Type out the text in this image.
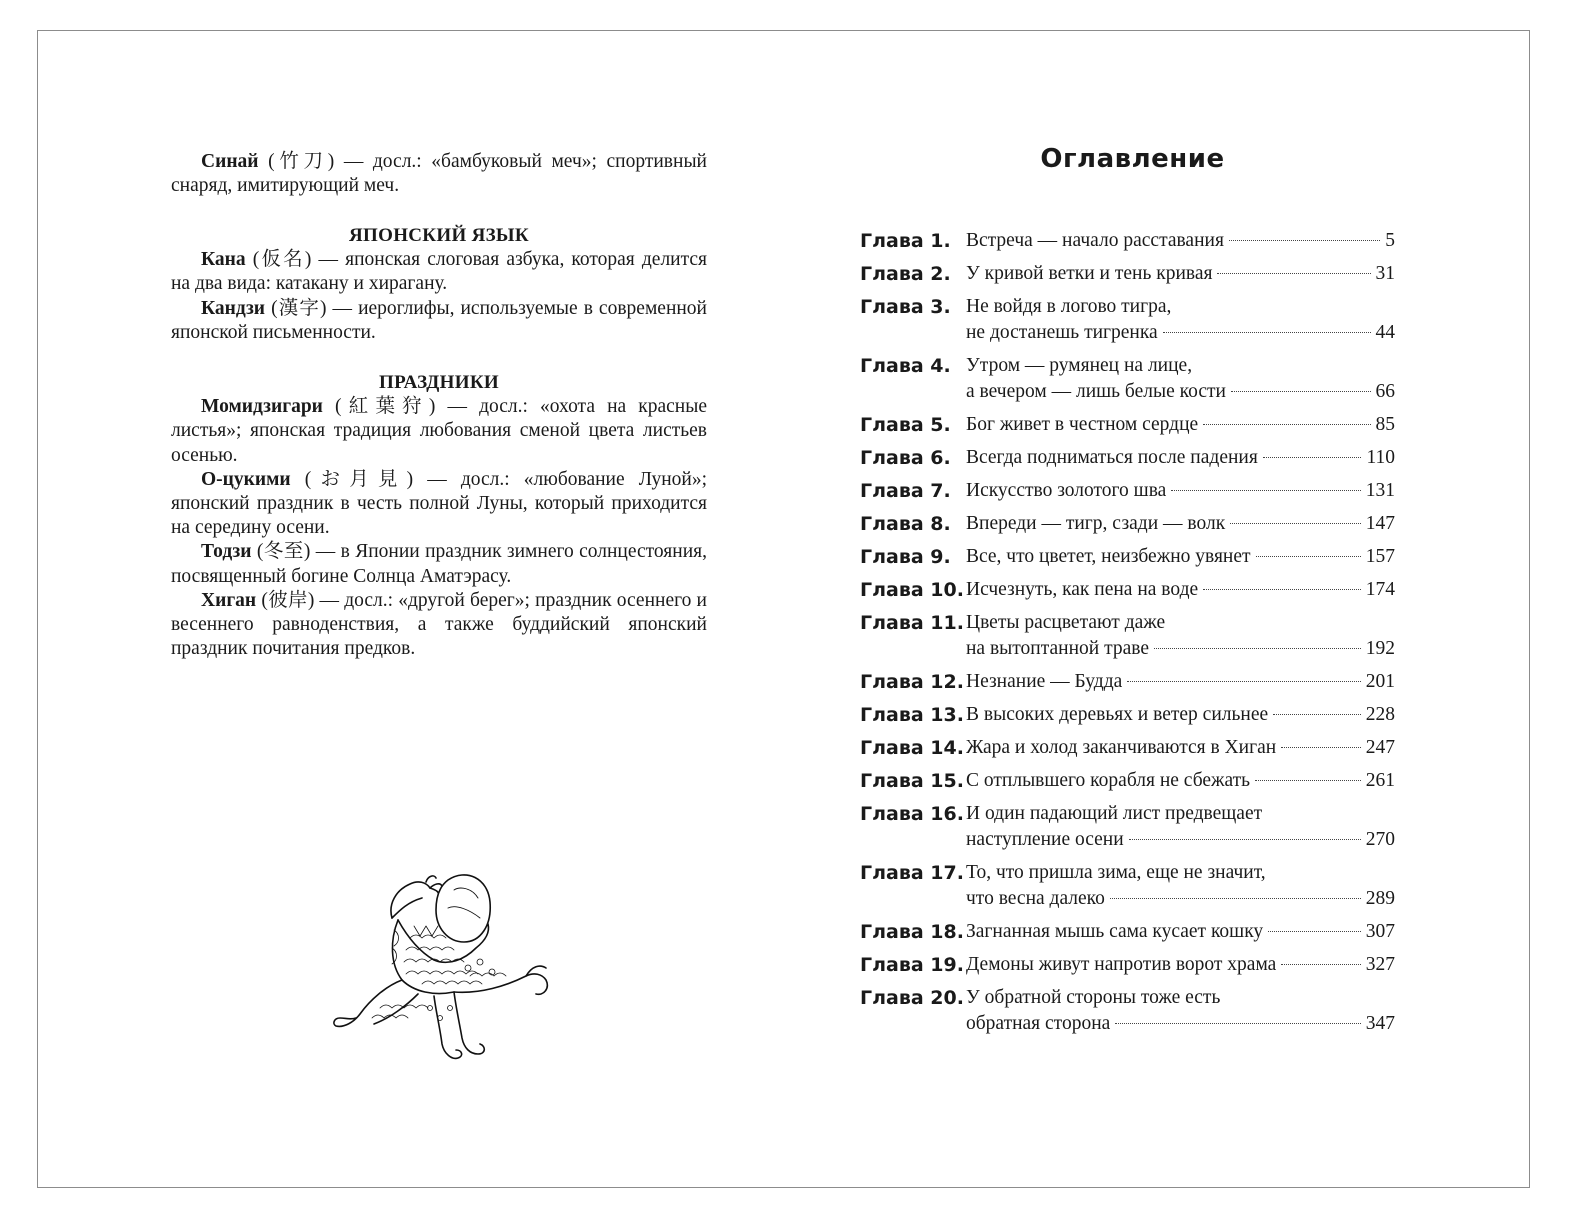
Синай (竹刀) — досл.: «бамбуковый меч»; спортивный снаряд, имитирующий меч.

ЯПОНСКИЙ ЯЗЫК

Кана (仮名) — японская слоговая азбука, которая делится на два вида: катакану и хирагану.

Кандзи (漢字) — иероглифы, используемые в современной японской письменности.

ПРАЗДНИКИ

Момидзигари (紅葉狩) — досл.: «охота на красные листья»; японская традиция любования сменой цвета листьев осенью.

О-цукими (お月見) — досл.: «любование Луной»; японский праздник в честь полной Луны, который приходится на середину осени.

Тодзи (冬至) — в Японии праздник зимнего солнцестояния, посвященный богине Солнца Аматэрасу.

Хиган (彼岸) — досл.: «другой берег»; праздник осеннего и весеннего равноденствия, а также буддийский японский праздник почитания предков.

Оглавление
Глава 1. Встреча — начало расставания	5
Глава 2. У кривой ветки и тень кривая	31
Глава 3. Не войдя в логово тигра,
не достанешь тигренка	44
Глава 4. Утром — румянец на лице,
а вечером — лишь белые кости	66
Глава 5. Бог живет в честном сердце	85
Глава 6. Всегда подниматься после падения	110
Глава 7. Искусство золотого шва	131
Глава 8. Впереди — тигр, сзади — волк	147
Глава 9. Все, что цветет, неизбежно увянет	157
Глава 10. Исчезнуть, как пена на воде	174
Глава 11. Цветы расцветают даже
на вытоптанной траве	192
Глава 12. Незнание — Будда	201
Глава 13. В высоких деревьях и ветер сильнее	228
Глава 14. Жара и холод заканчиваются в Хиган	247
Глава 15. С отплывшего корабля не сбежать	261
Глава 16. И один падающий лист предвещает
наступление осени	270
Глава 17. То, что пришла зима, еще не значит,
что весна далеко	289
Глава 18. Загнанная мышь сама кусает кошку	307
Глава 19. Демоны живут напротив ворот храма	327
Глава 20. У обратной стороны тоже есть
обратная сторона	347
